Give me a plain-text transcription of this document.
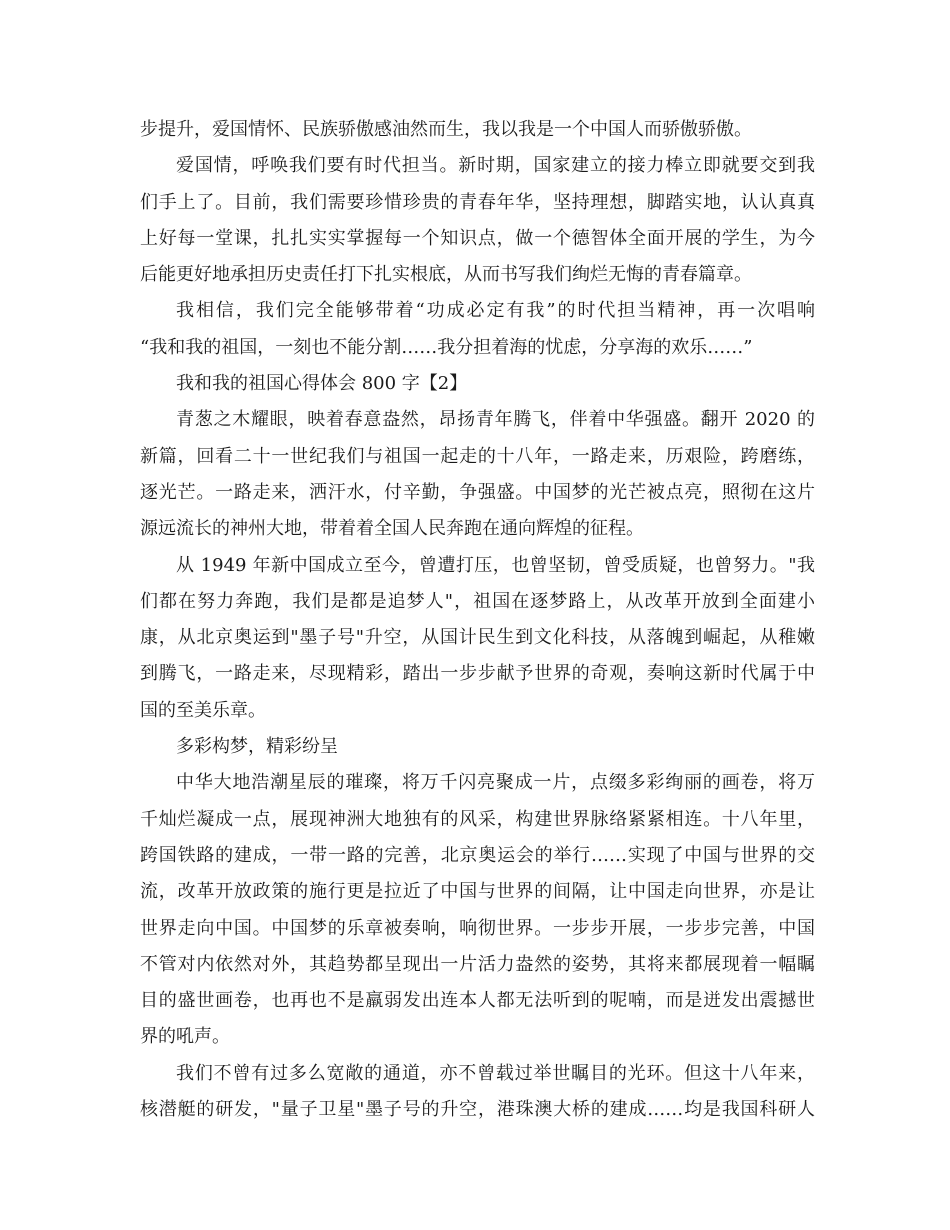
步提升，爱国情怀、民族骄傲感油然而生，我以我是一个中国人而骄傲骄傲。
爱国情，呼唤我们要有时代担当。新时期，国家建立的接力棒立即就要交到我
们手上了。目前，我们需要珍惜珍贵的青春年华，坚持理想，脚踏实地，认认真真
上好每一堂课，扎扎实实掌握每一个知识点，做一个德智体全面开展的学生，为今
后能更好地承担历史责任打下扎实根底，从而书写我们绚烂无悔的青春篇章。
我相信，我们完全能够带着“功成必定有我”的时代担当精神，再一次唱响
“我和我的祖国，一刻也不能分割……我分担着海的忧虑，分享海的欢乐……”
我和我的祖国心得体会 800 字【2】
青葱之木耀眼，映着春意盎然，昂扬青年腾飞，伴着中华强盛。翻开 2020 的
新篇，回看二十一世纪我们与祖国一起走的十八年，一路走来，历艰险，跨磨练，
逐光芒。一路走来，洒汗水，付辛勤，争强盛。中国梦的光芒被点亮，照彻在这片
源远流长的神州大地，带着着全国人民奔跑在通向辉煌的征程。
从 1949 年新中国成立至今，曾遭打压，也曾坚韧，曾受质疑，也曾努力。"我
们都在努力奔跑，我们是都是追梦人"，祖国在逐梦路上，从改革开放到全面建小
康，从北京奥运到"墨子号"升空，从国计民生到文化科技，从落魄到崛起，从稚嫩
到腾飞，一路走来，尽现精彩，踏出一步步献予世界的奇观，奏响这新时代属于中
国的至美乐章。
多彩构梦，精彩纷呈
中华大地浩潮星辰的璀璨，将万千闪亮聚成一片，点缀多彩绚丽的画卷，将万
千灿烂凝成一点，展现神洲大地独有的风采，构建世界脉络紧紧相连。十八年里，
跨国铁路的建成，一带一路的完善，北京奥运会的举行……实现了中国与世界的交
流，改革开放政策的施行更是拉近了中国与世界的间隔，让中国走向世界，亦是让
世界走向中国。中国梦的乐章被奏响，响彻世界。一步步开展，一步步完善，中国
不管对内依然对外，其趋势都呈现出一片活力盎然的姿势，其将来都展现着一幅瞩
目的盛世画卷，也再也不是羸弱发出连本人都无法听到的呢喃，而是迸发出震撼世
界的吼声。
我们不曾有过多么宽敞的通道，亦不曾载过举世瞩目的光环。但这十八年来，
核潜艇的研发，"量子卫星"墨子号的升空，港珠澳大桥的建成……均是我国科研人
